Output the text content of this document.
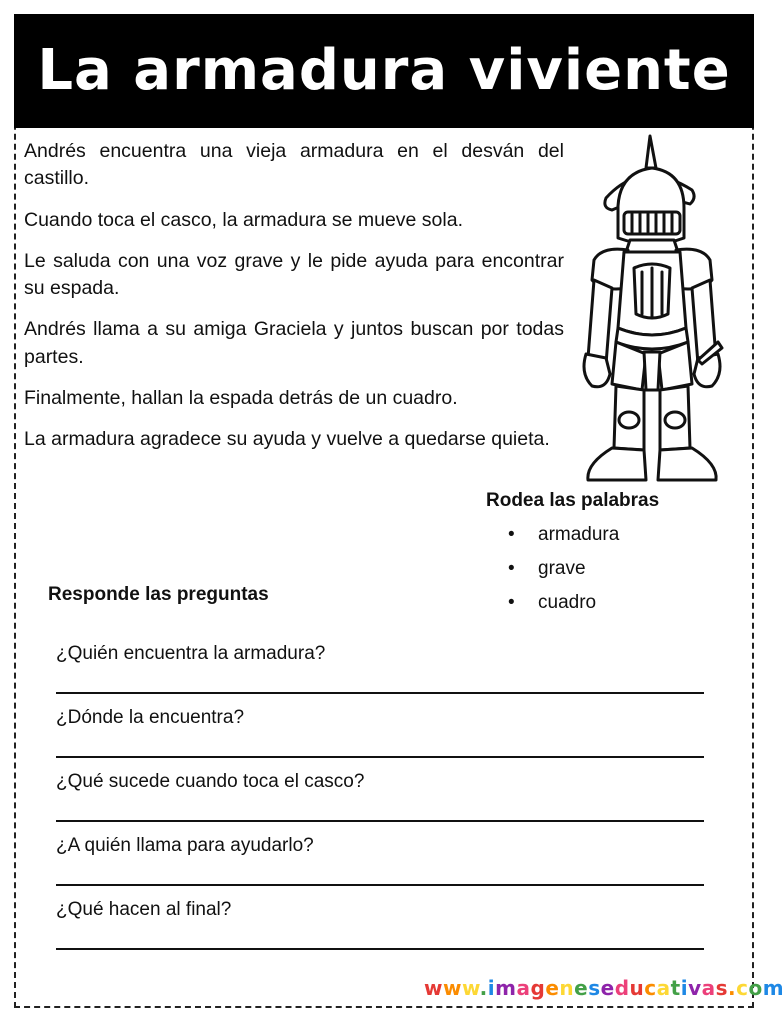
La armadura viviente

Andrés encuentra una vieja armadura en el desván del castillo.

Cuando toca el casco, la armadura se mueve sola.

Le saluda con una voz grave y le pide ayuda para encontrar su espada.

Andrés llama a su amiga Graciela y juntos buscan por todas partes.

Finalmente, hallan la espada detrás de un cuadro.

La armadura agradece su ayuda y vuelve a quedarse quieta.

Rodea las palabras
• armadura
• grave
• cuadro
Responde las preguntas
¿Quién encuentra la armadura?
¿Dónde la encuentra?
¿Qué sucede cuando toca el casco?
¿A quién llama para ayudarlo?
¿Qué hacen al final?
www.imageneseducativas.com
